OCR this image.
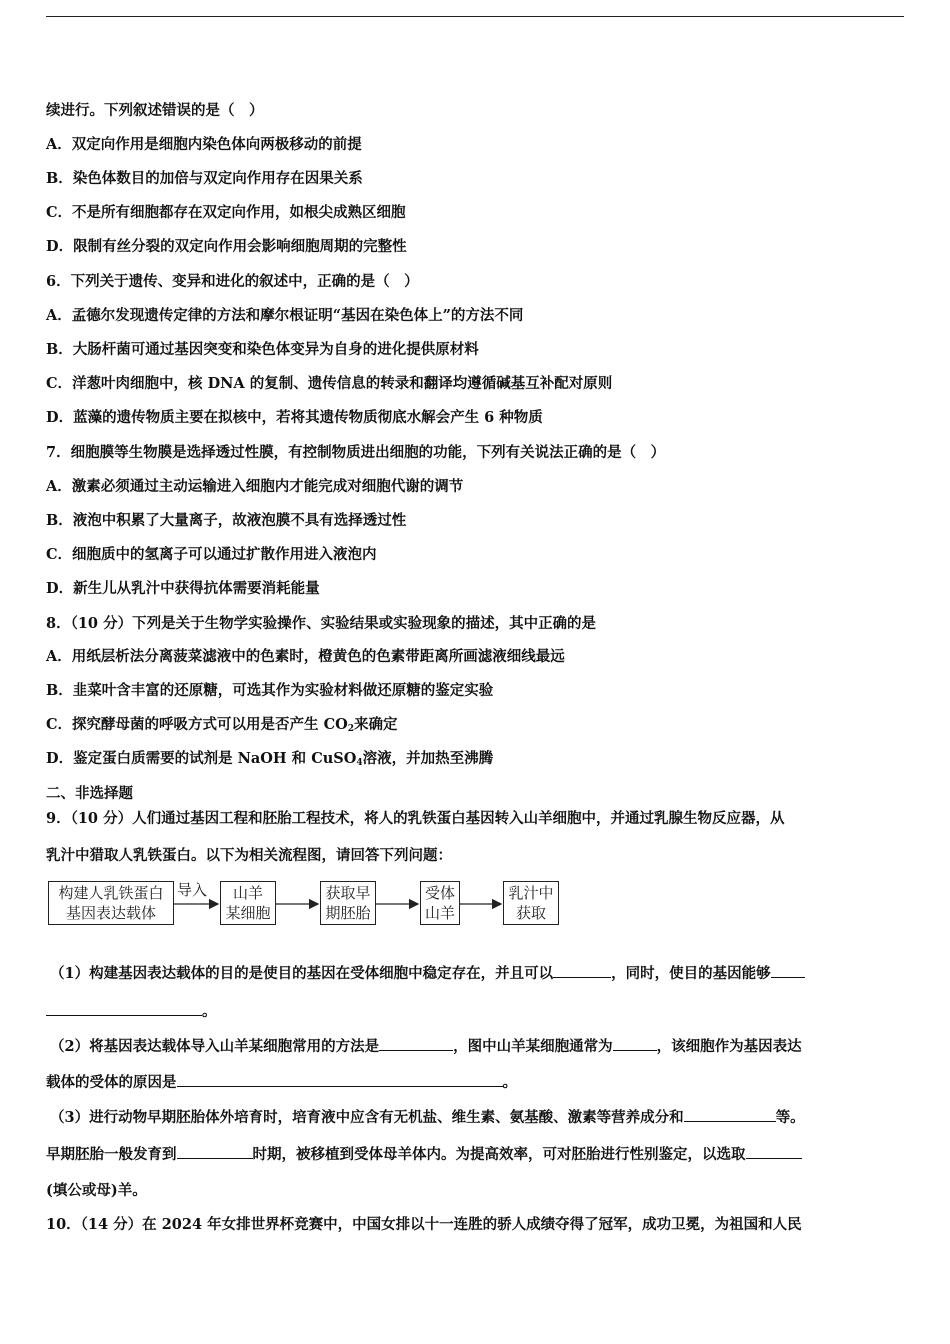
续进行。下列叙述错误的是（　）
A．双定向作用是细胞内染色体向两极移动的前提
B．染色体数目的加倍与双定向作用存在因果关系
C．不是所有细胞都存在双定向作用，如根尖成熟区细胞
D．限制有丝分裂的双定向作用会影响细胞周期的完整性
6．下列关于遗传、变异和进化的叙述中，正确的是（　）
A．孟德尔发现遗传定律的方法和摩尔根证明“基因在染色体上”的方法不同
B．大肠杆菌可通过基因突变和染色体变异为自身的进化提供原材料
C．洋葱叶肉细胞中，核 DNA 的复制、遗传信息的转录和翻译均遵循碱基互补配对原则
D．蓝藻的遗传物质主要在拟核中，若将其遗传物质彻底水解会产生 6 种物质
7．细胞膜等生物膜是选择透过性膜，有控制物质进出细胞的功能，下列有关说法正确的是（　）
A．激素必须通过主动运输进入细胞内才能完成对细胞代谢的调节
B．液泡中积累了大量离子，故液泡膜不具有选择透过性
C．细胞质中的氢离子可以通过扩散作用进入液泡内
D．新生儿从乳汁中获得抗体需要消耗能量
8．（10 分）下列是关于生物学实验操作、实验结果或实验现象的描述，其中正确的是
A．用纸层析法分离菠菜滤液中的色素时，橙黄色的色素带距离所画滤液细线最远
B．韭菜叶含丰富的还原糖，可选其作为实验材料做还原糖的鉴定实验
C．探究酵母菌的呼吸方式可以用是否产生 $CO_2$来确定
D．鉴定蛋白质需要的试剂是 NaOH 和 CuSO$_4$溶液，并加热至沸腾
二、非选择题
9．（10 分）人们通过基因工程和胚胎工程技术，将人的乳铁蛋白基因转入山羊细胞中，并通过乳腺生物反应器，从
乳汁中猎取人乳铁蛋白。以下为相关流程图，请回答下列问题：
构建人乳铁蛋白
基因表达载体
导入	山羊
某细胞
获取早
期胚胎
受体
山羊
乳汁中
获取
（1）构建基因表达载体的目的是使目的基因在受体细胞中稳定存在，并且可以	，同时，使目的基因能够
。
（2）将基因表达载体导入山羊某细胞常用的方法是	，图中山羊某细胞通常为	，该细胞作为基因表达
载体的受体的原因是	。
（3）进行动物早期胚胎体外培育时，培育液中应含有无机盐、维生素、氨基酸、激素等营养成分和	等。
早期胚胎一般发育到	时期，被移植到受体母羊体内。为提高效率，可对胚胎进行性别鉴定，以选取
(填公或母)羊。
10．（14 分）在 2024 年女排世界杯竞赛中，中国女排以十一连胜的骄人成绩夺得了冠军，成功卫冕，为祖国和人民
